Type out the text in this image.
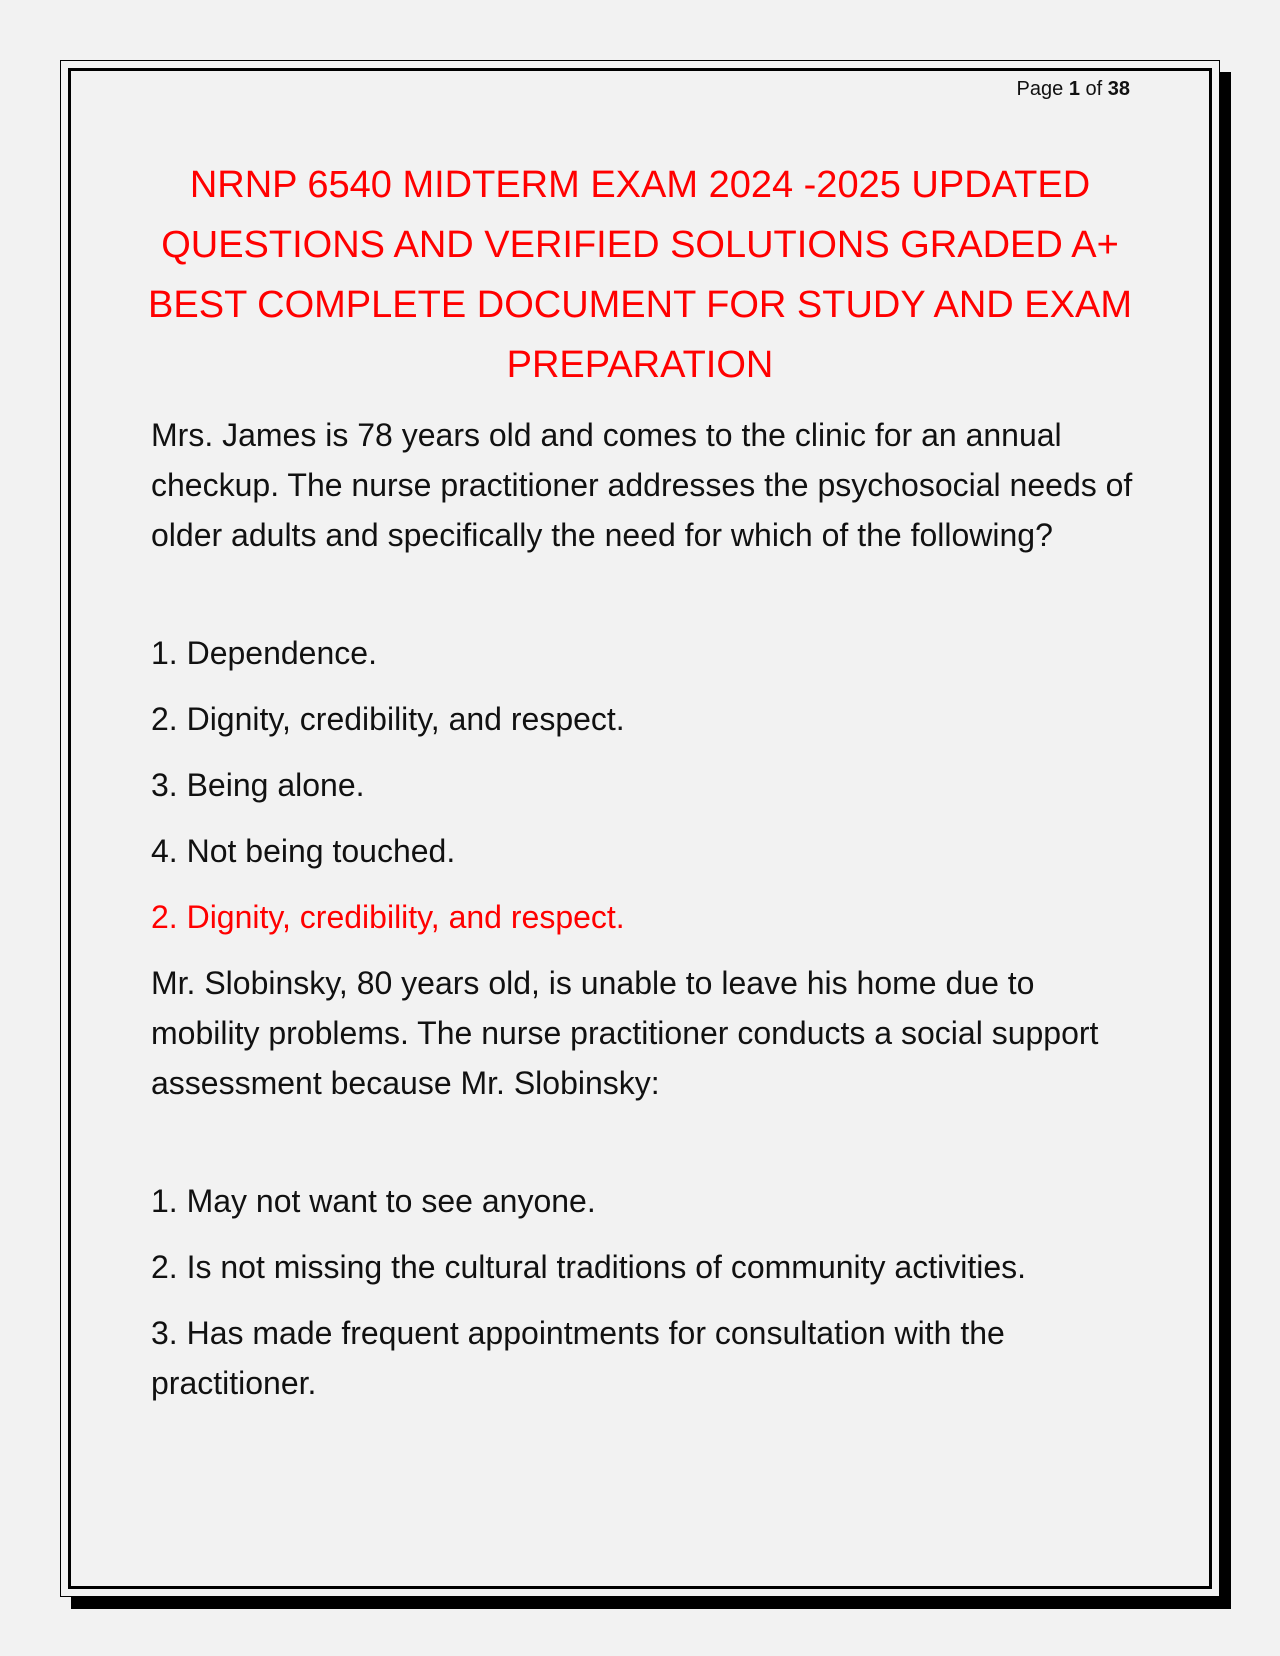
Page 1 of 38
NRNP 6540 MIDTERM EXAM 2024 -2025 UPDATED QUESTIONS AND VERIFIED SOLUTIONS GRADED A+ BEST COMPLETE DOCUMENT FOR STUDY AND EXAM PREPARATION

Mrs. James is 78 years old and comes to the clinic for an annual checkup. The nurse practitioner addresses the psychosocial needs of older adults and specifically the need for which of the following?

1. Dependence.

2. Dignity, credibility, and respect.

3. Being alone.

4. Not being touched.

2. Dignity, credibility, and respect.

Mr. Slobinsky, 80 years old, is unable to leave his home due to mobility problems. The nurse practitioner conducts a social support assessment because Mr. Slobinsky:

1. May not want to see anyone.

2. Is not missing the cultural traditions of community activities.

3. Has made frequent appointments for consultation with the practitioner.
